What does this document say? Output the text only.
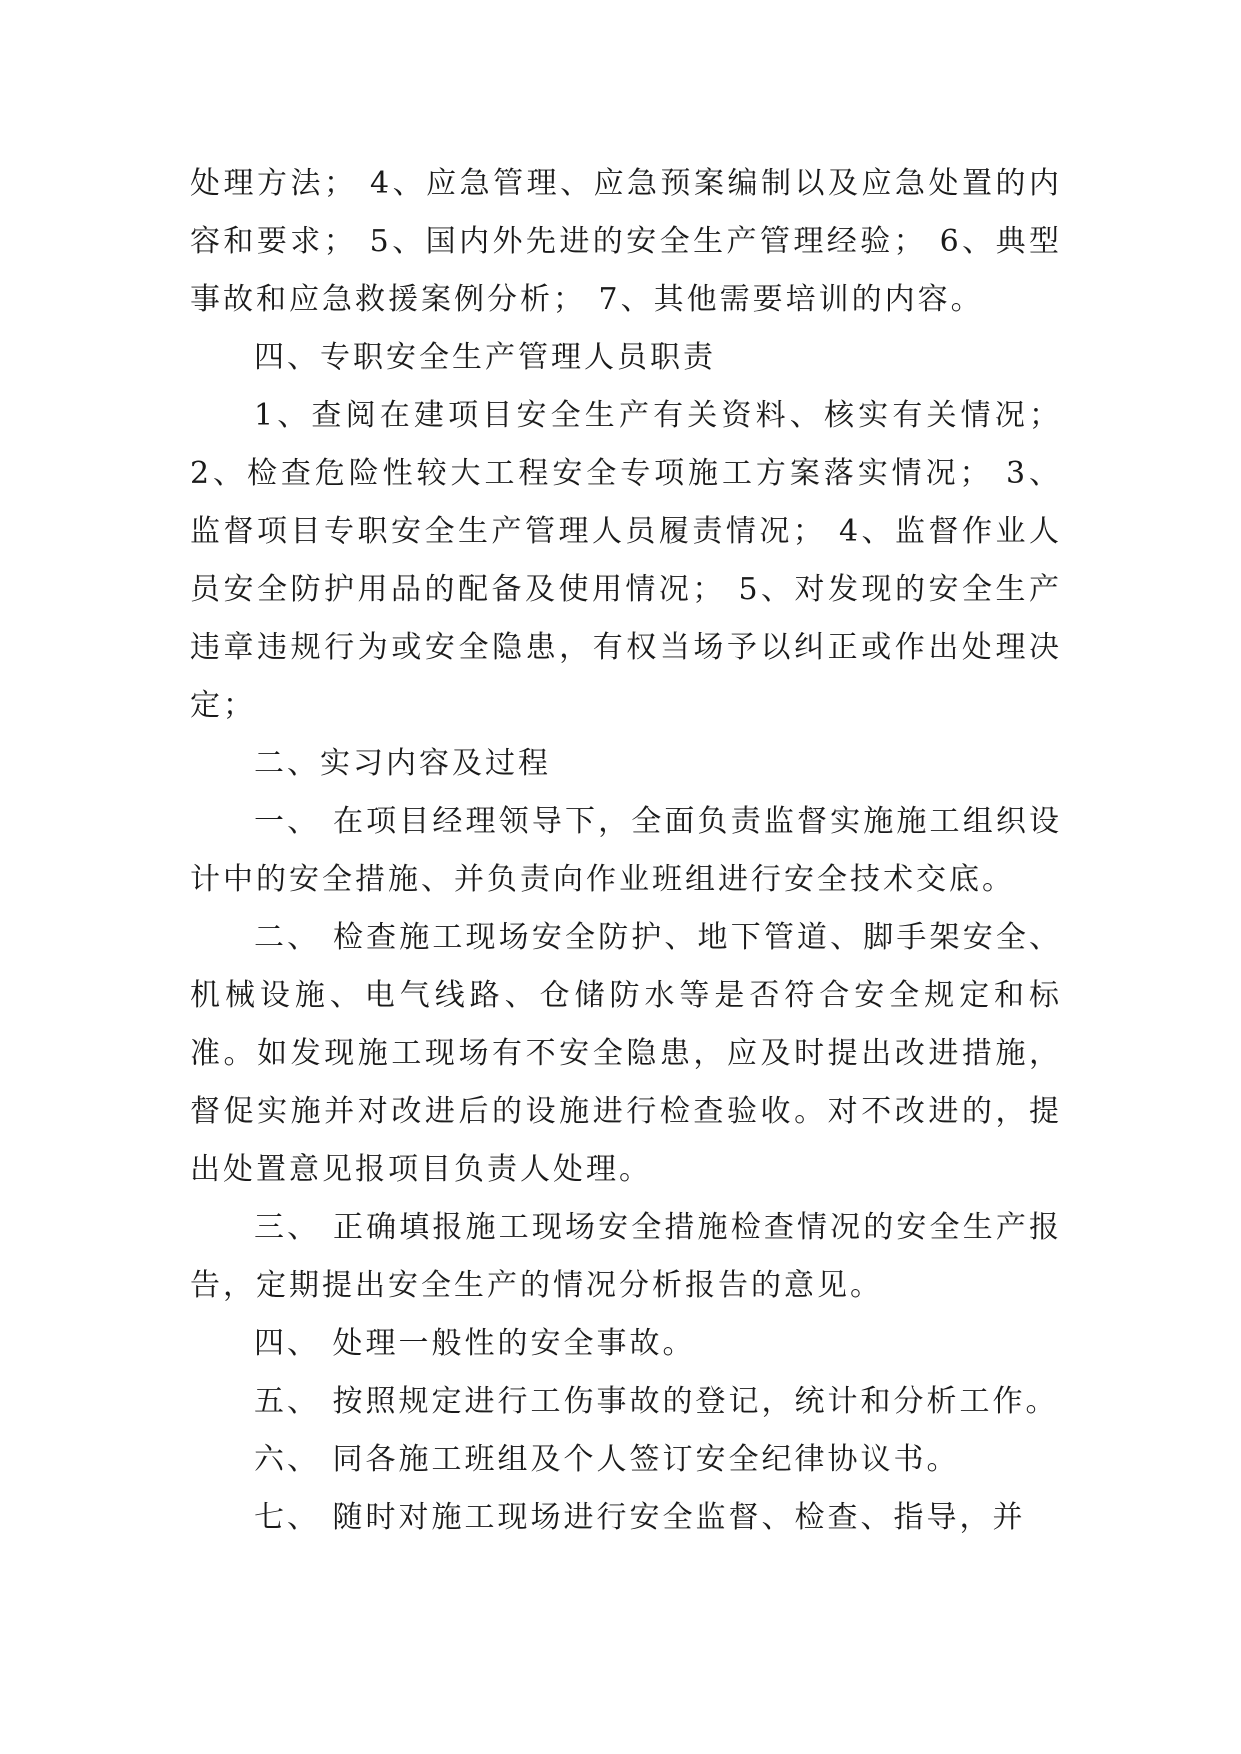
处理方法； 4、应急管理、应急预案编制以及应急处置的内容和要求； 5、国内外先进的安全生产管理经验； 6、典型事故和应急救援案例分析； 7、其他需要培训的内容。

四、专职安全生产管理人员职责

1、查阅在建项目安全生产有关资料、核实有关情况； 2、检查危险性较大工程安全专项施工方案落实情况； 3、监督项目专职安全生产管理人员履责情况； 4、监督作业人员安全防护用品的配备及使用情况； 5、对发现的安全生产违章违规行为或安全隐患，有权当场予以纠正或作出处理决定；

二、实习内容及过程

一、 在项目经理领导下，全面负责监督实施施工组织设计中的安全措施、并负责向作业班组进行安全技术交底。

二、 检查施工现场安全防护、地下管道、脚手架安全、机械设施、电气线路、仓储防水等是否符合安全规定和标准。如发现施工现场有不安全隐患，应及时提出改进措施，督促实施并对改进后的设施进行检查验收。对不改进的，提出处置意见报项目负责人处理。

三、 正确填报施工现场安全措施检查情况的安全生产报告，定期提出安全生产的情况分析报告的意见。

四、 处理一般性的安全事故。

五、 按照规定进行工伤事故的登记，统计和分析工作。

六、 同各施工班组及个人签订安全纪律协议书。

七、 随时对施工现场进行安全监督、检查、指导，并
